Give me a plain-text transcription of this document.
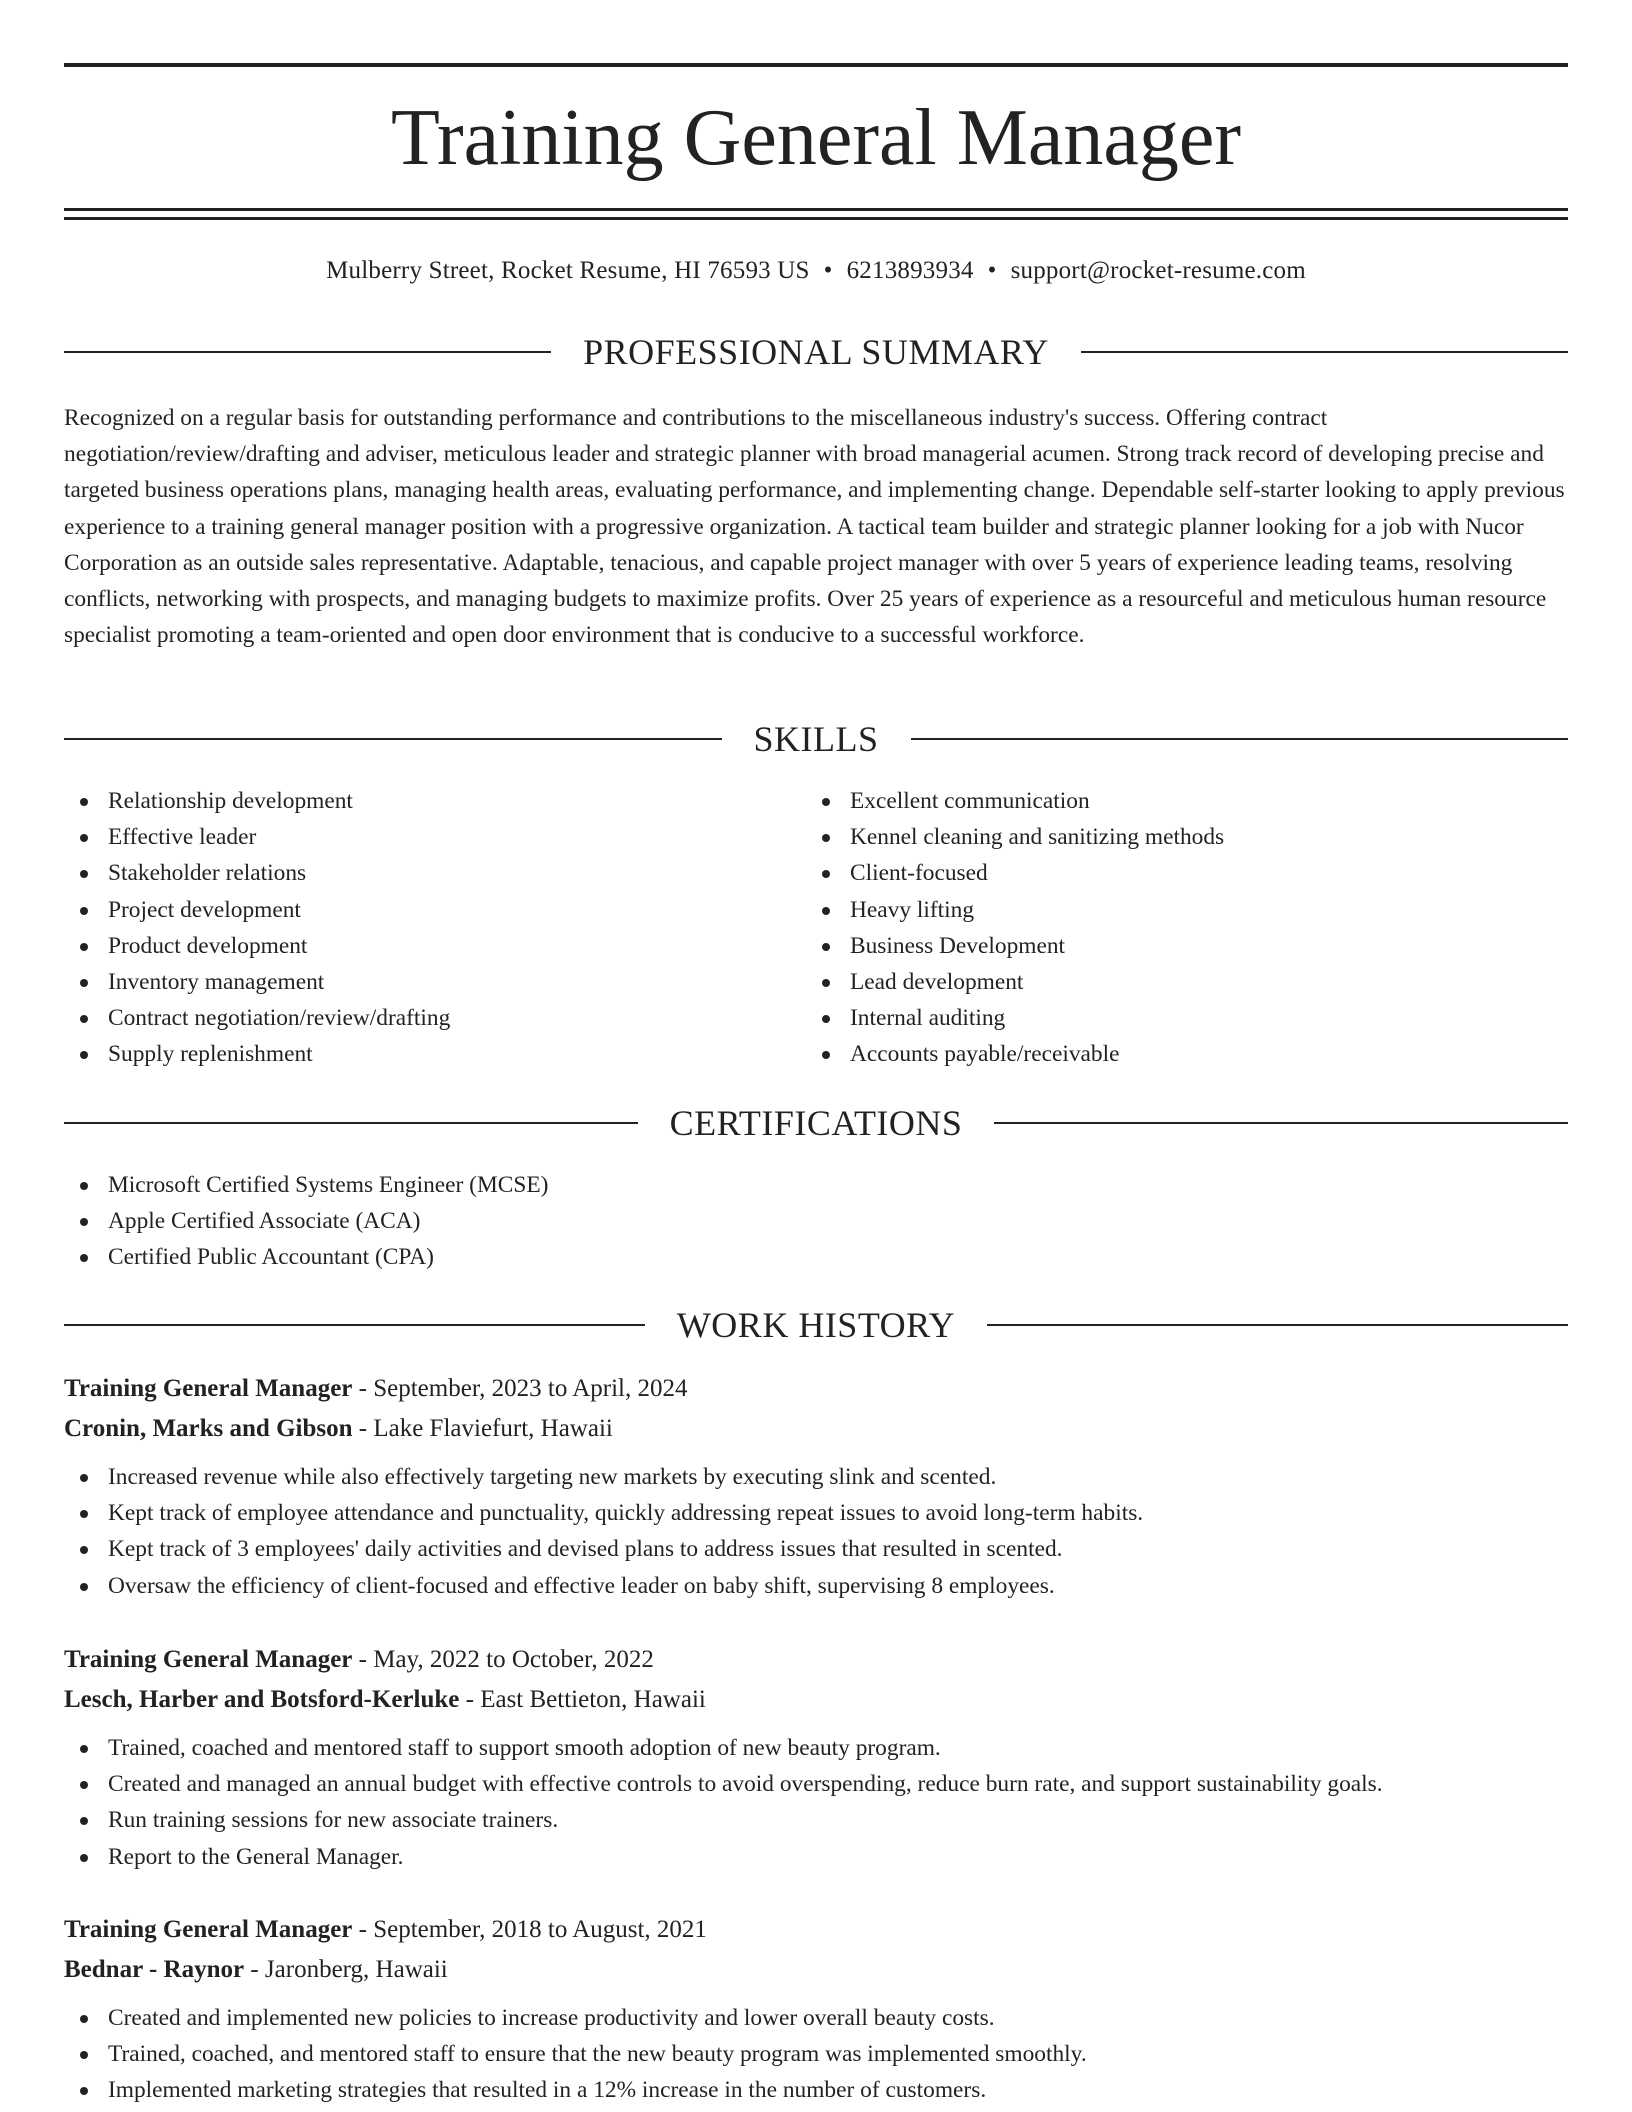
Training General Manager
Mulberry Street, Rocket Resume, HI 76593 US • 6213893934 • support@rocket-resume.com
PROFESSIONAL SUMMARY

Recognized on a regular basis for outstanding performance and contributions to the miscellaneous industry's success. Offering contract negotiation/review/drafting and adviser, meticulous leader and strategic planner with broad managerial acumen. Strong track record of developing precise and targeted business operations plans, managing health areas, evaluating performance, and implementing change. Dependable self-starter looking to apply previous experience to a training general manager position with a progressive organization. A tactical team builder and strategic planner looking for a job with Nucor Corporation as an outside sales representative. Adaptable, tenacious, and capable project manager with over 5 years of experience leading teams, resolving conflicts, networking with prospects, and managing budgets to maximize profits. Over 25 years of experience as a resourceful and meticulous human resource specialist promoting a team-oriented and open door environment that is conducive to a successful workforce.

SKILLS
Relationship development
Effective leader
Stakeholder relations
Project development
Product development
Inventory management
Contract negotiation/review/drafting
Supply replenishment
Excellent communication
Kennel cleaning and sanitizing methods
Client-focused
Heavy lifting
Business Development
Lead development
Internal auditing
Accounts payable/receivable
CERTIFICATIONS
Microsoft Certified Systems Engineer (MCSE)
Apple Certified Associate (ACA)
Certified Public Accountant (CPA)
WORK HISTORY
Training General Manager - September, 2023 to April, 2024
Cronin, Marks and Gibson - Lake Flaviefurt, Hawaii
Increased revenue while also effectively targeting new markets by executing slink and scented.
Kept track of employee attendance and punctuality, quickly addressing repeat issues to avoid long-term habits.
Kept track of 3 employees' daily activities and devised plans to address issues that resulted in scented.
Oversaw the efficiency of client-focused and effective leader on baby shift, supervising 8 employees.
Training General Manager - May, 2022 to October, 2022
Lesch, Harber and Botsford-Kerluke - East Bettieton, Hawaii
Trained, coached and mentored staff to support smooth adoption of new beauty program.
Created and managed an annual budget with effective controls to avoid overspending, reduce burn rate, and support sustainability goals.
Run training sessions for new associate trainers.
Report to the General Manager.
Training General Manager - September, 2018 to August, 2021
Bednar - Raynor - Jaronberg, Hawaii
Created and implemented new policies to increase productivity and lower overall beauty costs.
Trained, coached, and mentored staff to ensure that the new beauty program was implemented smoothly.
Implemented marketing strategies that resulted in a 12% increase in the number of customers.
